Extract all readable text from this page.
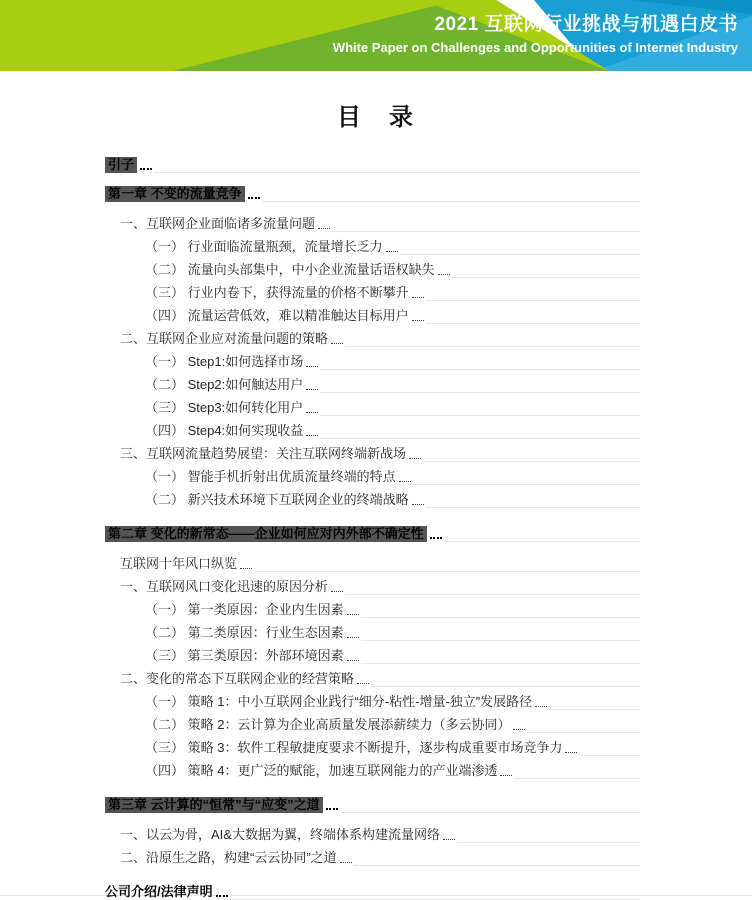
2021 互联网行业挑战与机遇白皮书
White Paper on Challenges and Opportunities of Internet Industry
目　录
引子
第一章 不变的流量竞争
一、互联网企业面临诸多流量问题
（一） 行业面临流量瓶颈，流量增长乏力
（二） 流量向头部集中，中小企业流量话语权缺失
（三） 行业内卷下，获得流量的价格不断攀升
（四） 流量运营低效，难以精准触达目标用户
二、互联网企业应对流量问题的策略
（一） Step1:如何选择市场
（二） Step2:如何触达用户
（三） Step3:如何转化用户
（四） Step4:如何实现收益
三、互联网流量趋势展望：关注互联网终端新战场
（一） 智能手机折射出优质流量终端的特点
（二） 新兴技术环境下互联网企业的终端战略
第二章 变化的新常态——企业如何应对内外部不确定性
互联网十年风口纵览
一、互联网风口变化迅速的原因分析
（一） 第一类原因：企业内生因素
（二） 第二类原因：行业生态因素
（三） 第三类原因：外部环境因素
二、变化的常态下互联网企业的经营策略
（一） 策略 1：中小互联网企业践行“细分-粘性-增量-独立”发展路径
（二） 策略 2：云计算为企业高质量发展添薪续力（多云协同）
（三） 策略 3：软件工程敏捷度要求不断提升，逐步构成重要市场竞争力
（四） 策略 4：更广泛的赋能，加速互联网能力的产业端渗透
第三章 云计算的“恒常”与“应变”之道
一、以云为骨，AI&大数据为翼，终端体系构建流量网络
二、沿原生之路，构建“云云协同”之道
公司介绍/法律声明
